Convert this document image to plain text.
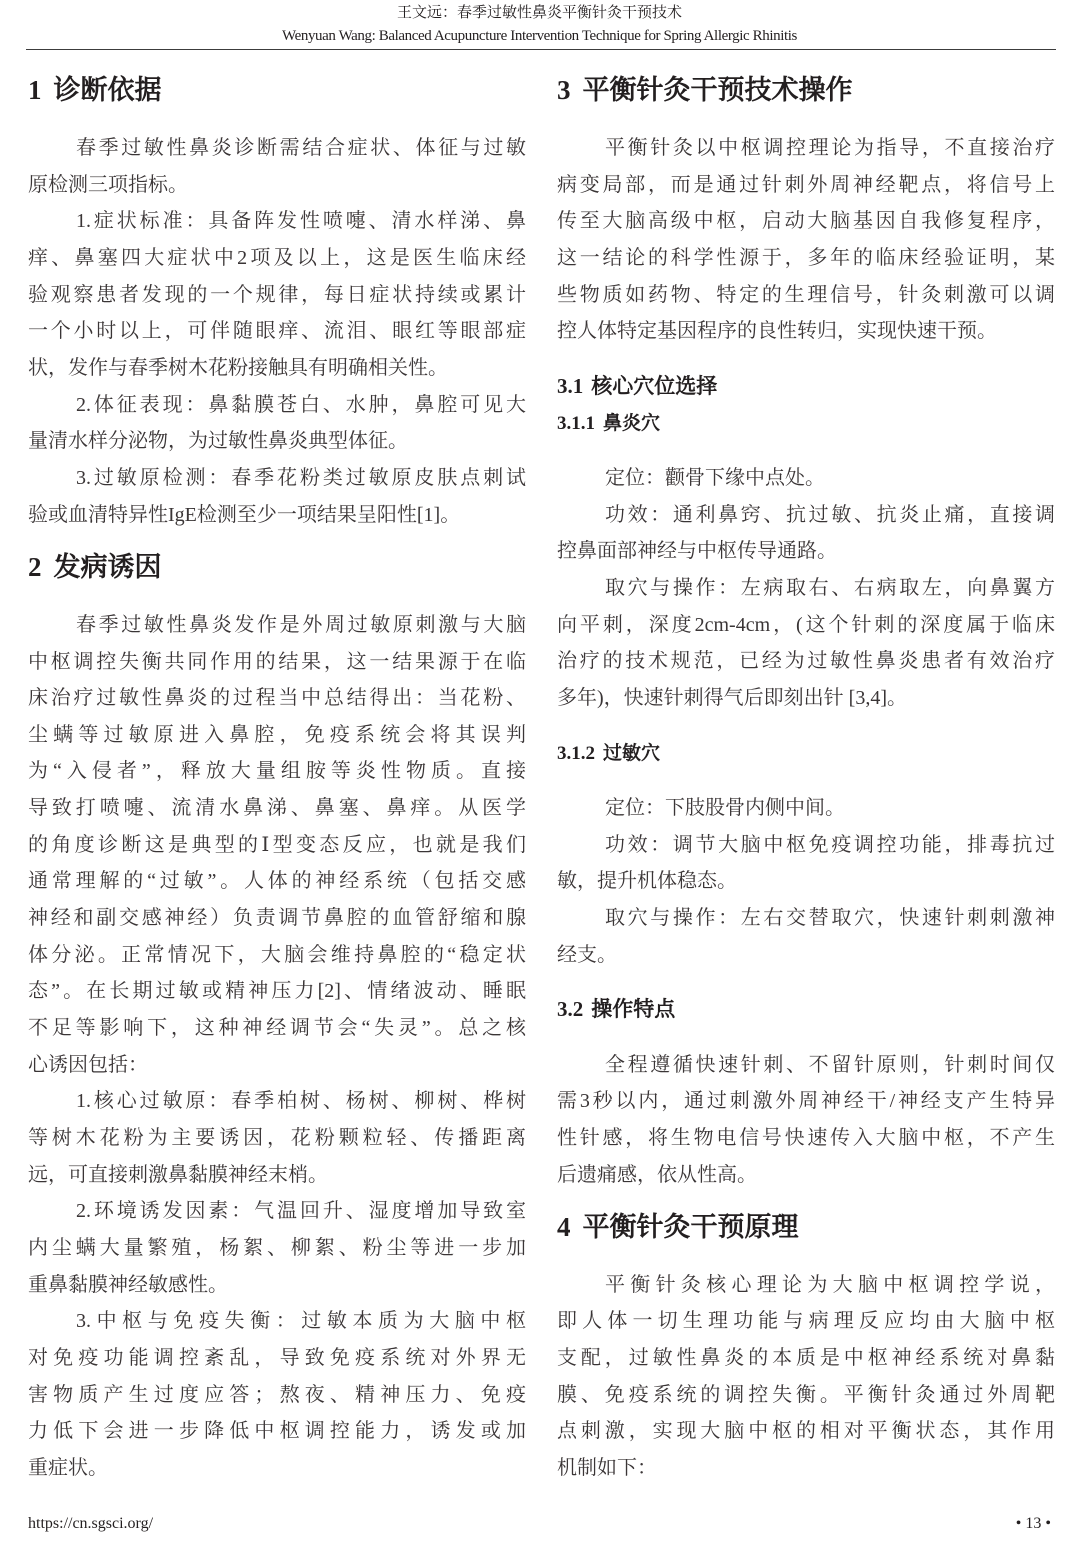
王文远：春季过敏性鼻炎平衡针灸干预技术
Wenyuan Wang: Balanced Acupuncture Intervention Technique for Spring Allergic Rhinitis
1 诊断依据
春季过敏性鼻炎诊断需结合症状、体征与过敏
原检测三项指标。
1.症状标准：具备阵发性喷嚏、清水样涕、鼻
痒、鼻塞四大症状中2项及以上，这是医生临床经
验观察患者发现的一个规律，每日症状持续或累计
一个小时以上，可伴随眼痒、流泪、眼红等眼部症
状，发作与春季树木花粉接触具有明确相关性。
2.体征表现：鼻黏膜苍白、水肿，鼻腔可见大
量清水样分泌物，为过敏性鼻炎典型体征。
3.过敏原检测：春季花粉类过敏原皮肤点刺试
验或血清特异性IgE检测至少一项结果呈阳性[1]。
2 发病诱因
春季过敏性鼻炎发作是外周过敏原刺激与大脑
中枢调控失衡共同作用的结果，这一结果源于在临
床治疗过敏性鼻炎的过程当中总结得出：当花粉、
尘螨等过敏原进入鼻腔，免疫系统会将其误判
为“入侵者”，释放大量组胺等炎性物质。直接
导致打喷嚏、流清水鼻涕、鼻塞、鼻痒。从医学
的角度诊断这是典型的Ⅰ型变态反应，也就是我们
通常理解的“过敏”。人体的神经系统（包括交感
神经和副交感神经）负责调节鼻腔的血管舒缩和腺
体分泌。正常情况下，大脑会维持鼻腔的“稳定状
态”。在长期过敏或精神压力[2]、情绪波动、睡眠
不足等影响下，这种神经调节会“失灵”。总之核
心诱因包括：
1.核心过敏原：春季柏树、杨树、柳树、桦树
等树木花粉为主要诱因，花粉颗粒轻、传播距离
远，可直接刺激鼻黏膜神经末梢。
2.环境诱发因素：气温回升、湿度增加导致室
内尘螨大量繁殖，杨絮、柳絮、粉尘等进一步加
重鼻黏膜神经敏感性。
3.中枢与免疫失衡：过敏本质为大脑中枢
对免疫功能调控紊乱，导致免疫系统对外界无
害物质产生过度应答；熬夜、精神压力、免疫
力低下会进一步降低中枢调控能力，诱发或加
重症状。
3 平衡针灸干预技术操作
平衡针灸以中枢调控理论为指导，不直接治疗
病变局部，而是通过针刺外周神经靶点，将信号上
传至大脑高级中枢，启动大脑基因自我修复程序，
这一结论的科学性源于，多年的临床经验证明，某
些物质如药物、特定的生理信号，针灸刺激可以调
控人体特定基因程序的良性转归，实现快速干预。
3.1 核心穴位选择
3.1.1 鼻炎穴
定位：颧骨下缘中点处。
功效：通利鼻窍、抗过敏、抗炎止痛，直接调
控鼻面部神经与中枢传导通路。
取穴与操作：左病取右、右病取左，向鼻翼方
向平刺，深度2cm-4cm，(这个针刺的深度属于临床
治疗的技术规范，已经为过敏性鼻炎患者有效治疗
多年)，快速针刺得气后即刻出针 [3,4]。
3.1.2 过敏穴
定位：下肢股骨内侧中间。
功效：调节大脑中枢免疫调控功能，排毒抗过
敏，提升机体稳态。
取穴与操作：左右交替取穴，快速针刺刺激神
经支。
3.2 操作特点
全程遵循快速针刺、不留针原则，针刺时间仅
需3秒以内，通过刺激外周神经干/神经支产生特异
性针感，将生物电信号快速传入大脑中枢，不产生
后遗痛感，依从性高。
4 平衡针灸干预原理
平衡针灸核心理论为大脑中枢调控学说，
即人体一切生理功能与病理反应均由大脑中枢
支配，过敏性鼻炎的本质是中枢神经系统对鼻黏
膜、免疫系统的调控失衡。平衡针灸通过外周靶
点刺激，实现大脑中枢的相对平衡状态，其作用
机制如下：
https://cn.sgsci.org/	• 13 •
